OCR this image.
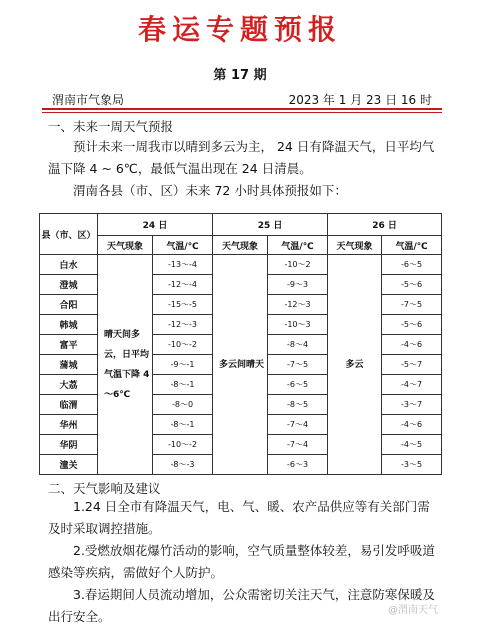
春运专题预报
第 17 期
渭南市气象局	2023 年 1 月 23 日 16 时
一、未来一周天气预报
预计未来一周我市以晴到多云为主， 24 日有降温天气，日平均气温下降 4 ~ 6℃，最低气温出现在 24 日清晨。
渭南各县（市、区）未来 72 小时具体预报如下：
县（市、区）	24 日		25 日		26 日	
	天气现象	气温/℃	天气现象	气温/℃	天气现象	气温/℃
白水	晴天间多云，日平均气温下降 4～6℃	-13～-4	多云间晴天	-10～2	多云	-6～5
澄城		-12～-4		-9～3		-5～6
合阳		-15～-5		-12～3		-7～5
韩城		-12～-3		-10～3		-5～6
富平		-10～-2		-8～4		-4～6
蒲城		-9～-1		-7～5		-5～7
大荔		-8～-1		-6～5		-4～7
临渭		-8～0		-8～5		-3～7
华州		-8～-1		-7～4		-4～6
华阴		-10～-2		-7～4		-4～5
潼关		-8～-3		-6～3		-3～5
二、天气影响及建议
1.24 日全市有降温天气，电、气、暖、农产品供应等有关部门需及时采取调控措施。
2.受燃放烟花爆竹活动的影响，空气质量整体较差，易引发呼吸道感染等疾病，需做好个人防护。
3.春运期间人员流动增加，公众需密切关注天气，注意防寒保暖及出行安全。	@渭南天气
